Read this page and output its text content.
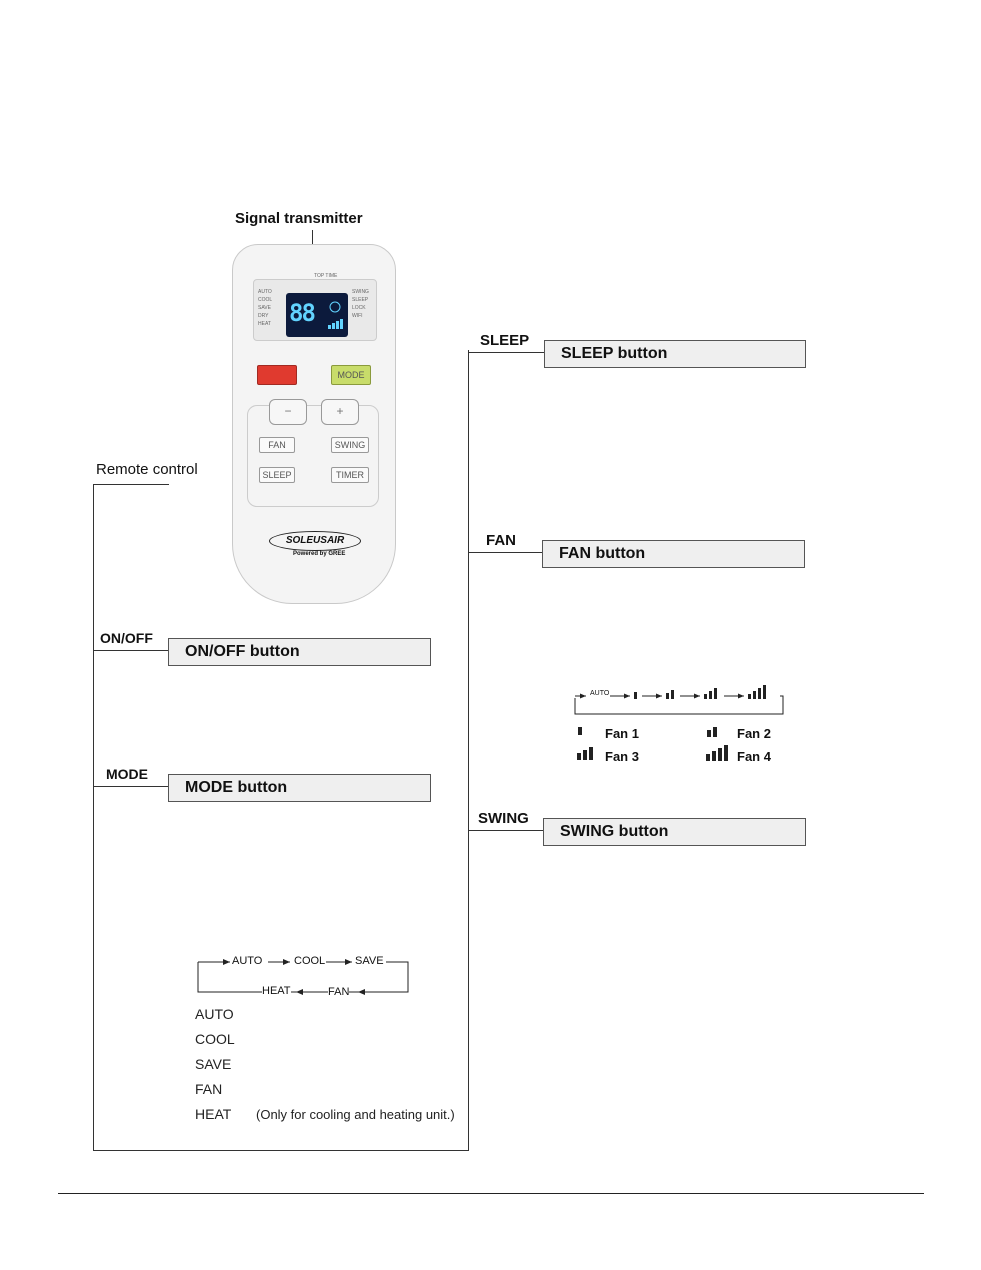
Signal transmitter
TOP TIME
AUTO
COOL
SAVE
DRY
HEAT 88
SWING
SLEEP
LOCK
WIFI
MODE
−	+
FAN	SWING
SLEEP	TIMER
SOLEUSAIR
Powered by GREE
Remote control
ON/OFF
ON/OFF button
MODE
MODE button
AUTO	COOL	SAVE
HEAT	FAN
AUTO
COOL
SAVE
FAN
HEAT (Only for cooling and heating unit.)
SLEEP
SLEEP button
FAN
FAN button
AUTO
Fan 1	Fan 2
Fan 3	Fan 4
SWING
SWING button
